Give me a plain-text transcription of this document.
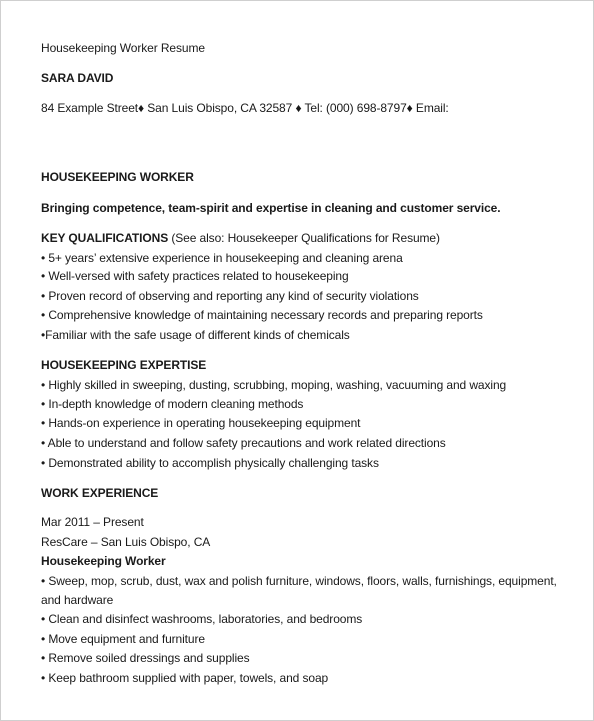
Housekeeping Worker Resume
SARA DAVID
84 Example Street♦ San Luis Obispo, CA 32587 ♦ Tel: (000) 698-8797♦ Email:
HOUSEKEEPING WORKER
Bringing competence, team-spirit and expertise in cleaning and customer service.
KEY QUALIFICATIONS (See also: Housekeeper Qualifications for Resume)
• 5+ years’ extensive experience in housekeeping and cleaning arena
• Well-versed with safety practices related to housekeeping
• Proven record of observing and reporting any kind of security violations
• Comprehensive knowledge of maintaining necessary records and preparing reports
•Familiar with the safe usage of different kinds of chemicals
HOUSEKEEPING EXPERTISE
• Highly skilled in sweeping, dusting, scrubbing, moping, washing, vacuuming and waxing
• In-depth knowledge of modern cleaning methods
• Hands-on experience in operating housekeeping equipment
• Able to understand and follow safety precautions and work related directions
• Demonstrated ability to accomplish physically challenging tasks
WORK EXPERIENCE
Mar 2011 – Present
ResCare – San Luis Obispo, CA
Housekeeping Worker
• Sweep, mop, scrub, dust, wax and polish furniture, windows, floors, walls, furnishings, equipment,
and hardware
• Clean and disinfect washrooms, laboratories, and bedrooms
• Move equipment and furniture
• Remove soiled dressings and supplies
• Keep bathroom supplied with paper, towels, and soap
